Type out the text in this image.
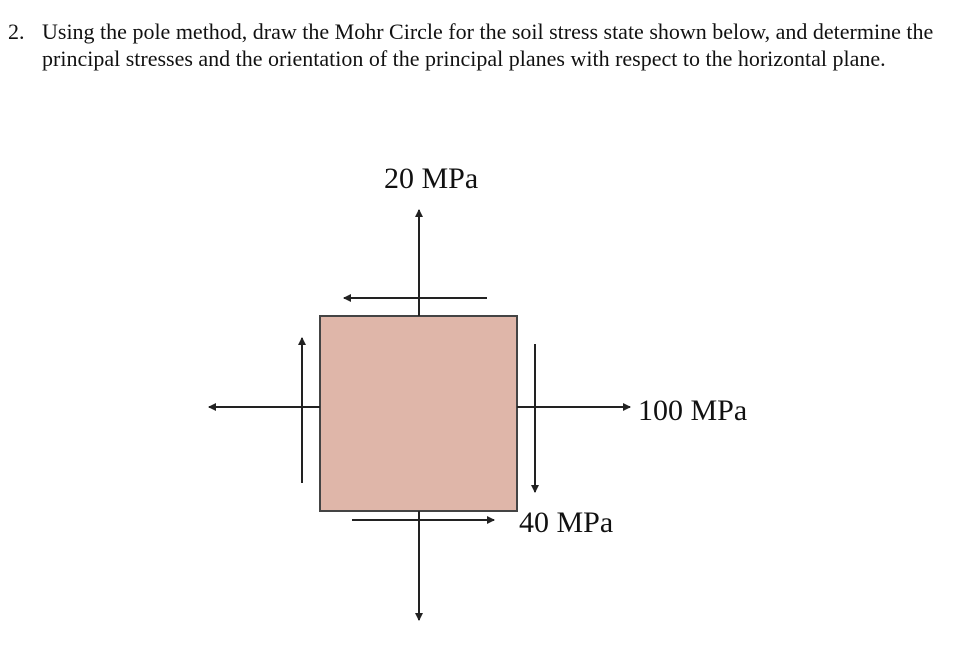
2. Using the pole method, draw the Mohr Circle for the soil stress state shown below, and determine the principal stresses and the orientation of the principal planes with respect to the horizontal plane.
20 MPa
100 MPa
40 MPa
